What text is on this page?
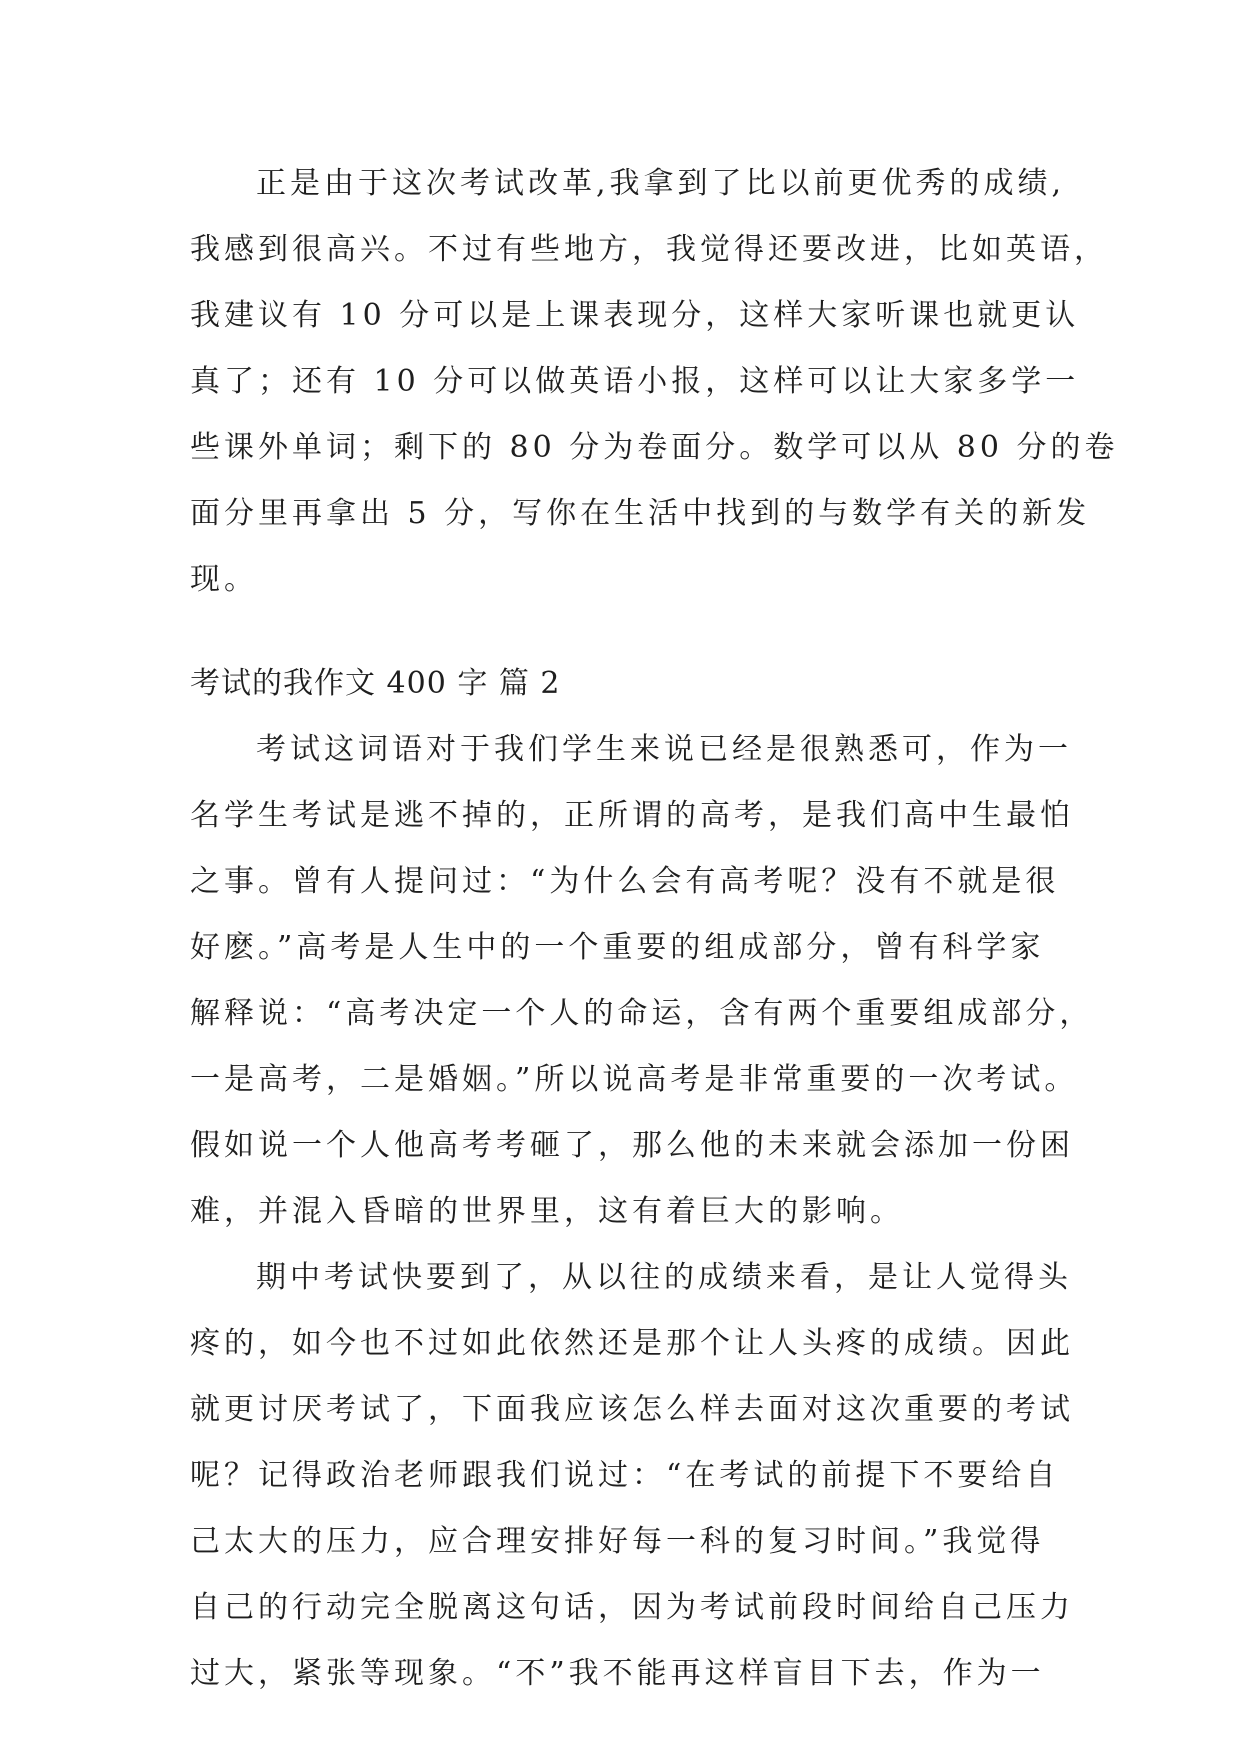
正是由于这次考试改革,我拿到了比以前更优秀的成绩,
我感到很高兴。不过有些地方，我觉得还要改进，比如英语，
我建议有 10 分可以是上课表现分，这样大家听课也就更认
真了；还有 10 分可以做英语小报，这样可以让大家多学一
些课外单词；剩下的 80 分为卷面分。数学可以从 80 分的卷
面分里再拿出 5 分，写你在生活中找到的与数学有关的新发
现。
考试的我作文 400 字 篇 2
考试这词语对于我们学生来说已经是很熟悉可，作为一
名学生考试是逃不掉的，正所谓的高考，是我们高中生最怕
之事。曾有人提问过：“为什么会有高考呢？没有不就是很
好麽。”高考是人生中的一个重要的组成部分，曾有科学家
解释说：“高考决定一个人的命运，含有两个重要组成部分，
一是高考，二是婚姻。”所以说高考是非常重要的一次考试。
假如说一个人他高考考砸了，那么他的未来就会添加一份困
难，并混入昏暗的世界里，这有着巨大的影响。
期中考试快要到了，从以往的成绩来看，是让人觉得头
疼的，如今也不过如此依然还是那个让人头疼的成绩。因此
就更讨厌考试了，下面我应该怎么样去面对这次重要的考试
呢？记得政治老师跟我们说过：“在考试的前提下不要给自
己太大的压力，应合理安排好每一科的复习时间。”我觉得
自己的行动完全脱离这句话，因为考试前段时间给自己压力
过大，紧张等现象。“不”我不能再这样盲目下去，作为一
